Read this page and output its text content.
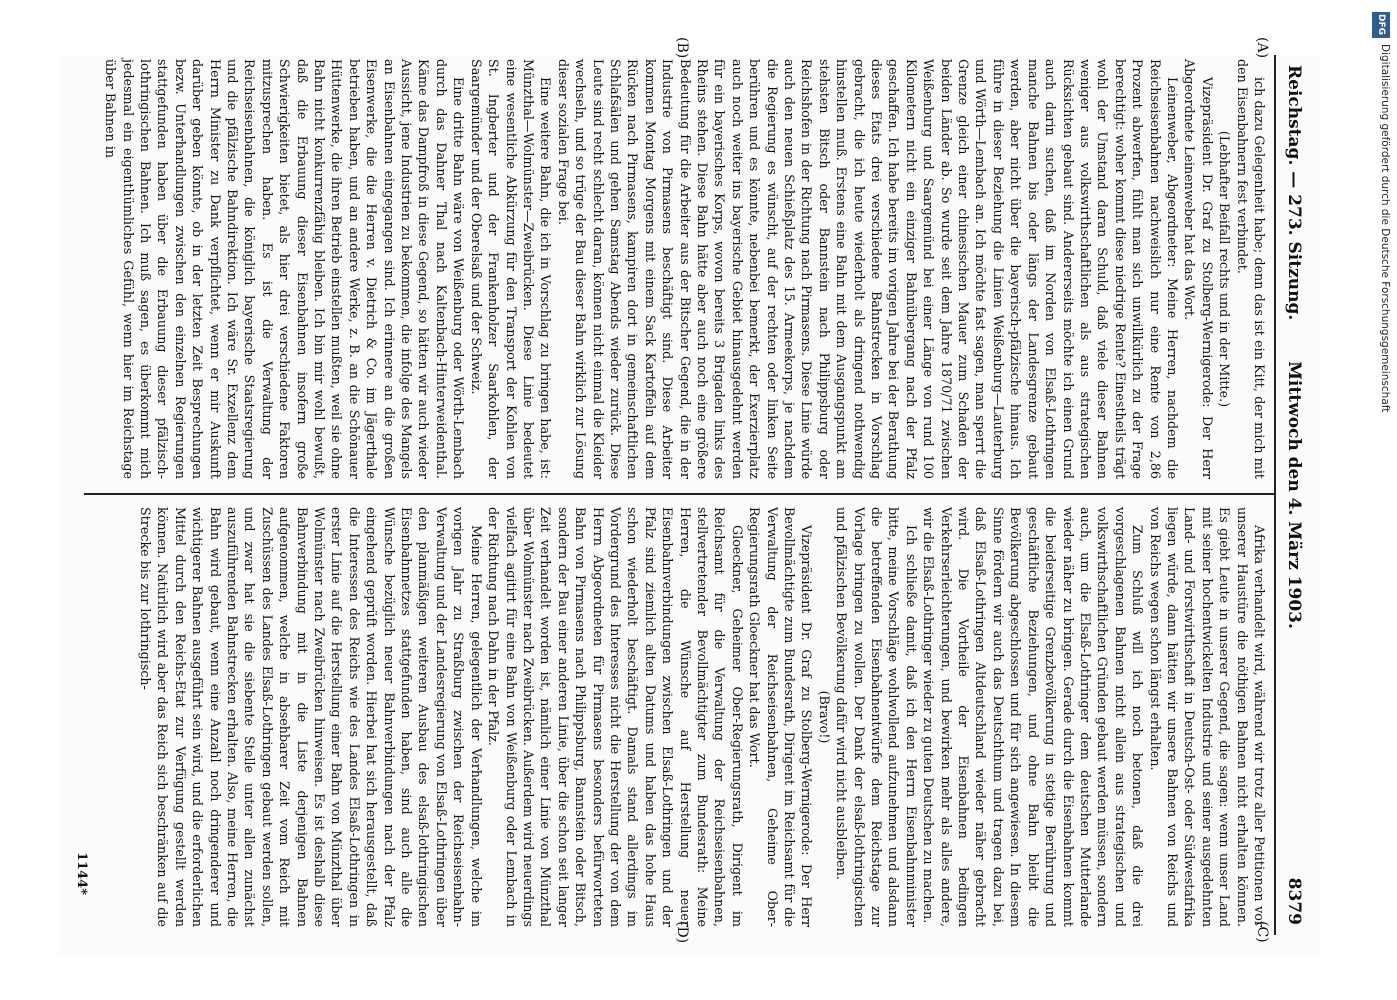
Reichstag. — 273. Sitzung.
Mittwoch den 4. März 1903.
8379

ich dazu Gelegenheit habe; denn das ist ein Kitt, der mich mit den Eisenbahnern fest verbindet.

(Lebhafter Beifall rechts und in der Mitte.)

Vizepräsident Dr. Graf zu Stolberg-Wernigerode: Der Herr Abgeordnete Leinenweber hat das Wort.

Leinenweber, Abgeordneter: Meine Herren, nachdem die Reichseisenbahnen nachweislich nur eine Rente von 2,86 Prozent abwerfen, fühlt man sich unwillkürlich zu der Frage berechtigt: woher kommt diese niedrige Rente? Einestheils trägt wohl der Umstand daran Schuld, daß viele dieser Bahnen weniger aus volkswirthschaftlichen als aus strategischen Rücksichten gebaut sind. Andererseits möchte ich einen Grund auch darin suchen, daß im Norden von Elsaß-Lothringen manche Bahnen bis oder längs der Landesgrenze gebaut werden, aber nicht über die bayerisch-pfälzische hinaus. Ich führe in dieser Beziehung die Linien Weißenburg—Lauterburg und Wörth—Lembach an. Ich möchte fast sagen, man sperrt die Grenze gleich einer chinesischen Mauer zum Schaden der beiden Länder ab. So wurde seit dem Jahre 1870/71 zwischen Weißenburg und Saargemünd bei einer Länge von rund 100 Kilometern nicht ein einziger Bahnübergang nach der Pfalz geschaffen. Ich habe bereits im vorigen Jahre bei der Berathung dieses Etats drei verschiedene Bahnstrecken in Vorschlag gebracht, die ich heute wiederholt als dringend nothwendig hinstellen muß. Erstens eine Bahn mit dem Ausgangspunkt am stehsten Bitsch oder Bannstein nach Philippsburg oder Reichshofen in der Richtung nach Pirmasens. Diese Linie würde auch den neuen Schießplatz des 15. Armeekorps, je nachdem die Regierung es wünscht, auf der rechten oder linken Seite berühren und es könnte, nebenbei bemerkt, der Exerzierplatz auch noch weiter ins bayerische Gebiet hinausgedehnt werden für ein bayerisches Korps, wovon bereits 3 Brigaden links des Rheins stehen. Diese Bahn hätte aber auch noch eine größere Bedeutung für die Arbeiter aus der Bitscher Gegend, die in der Industrie von Pirmasens beschäftigt sind. Diese Arbeiter kommen Montag Morgens mit einem Sack Kartoffeln auf dem Rücken nach Pirmasens, kampiren dort in gemeinschaftlichen Schlafsälen und gehen Samstag Abends wieder zurück. Diese Leute sind recht schlecht daran, können nicht einmal die Kleider wechseln, und so trüge der Bau dieser Bahn wirklich zur Lösung dieser sozialen Frage bei.

Eine weitere Bahn, die ich in Vorschlag zu bringen habe, ist: Münzthal—Wolmünster—Zweibrücken. Diese Linie bedeutet eine wesentliche Abkürzung für den Transport der Kohlen von St. Ingberter und der Frankenholzer Saarkohlen, der Saargemünder und der Oberelsaß und der Schweiz.

Eine dritte Bahn wäre von Weißenburg oder Wörth-Lembach durch das Dahner Thal nach Kaltenbach-Hinterweidenthal. Käme das Dampfroß in diese Gegend, so hätten wir auch wieder Aussicht, jene Industrien zu bekommen, die infolge des Mangels an Eisenbahnen eingegangen sind. Ich erinnere an die großen Eisenwerke, die die Herren v. Dietrich & Co. im Jägerthale betrieben haben, und an andere Werke, z. B. an die Schönauer Hüttenwerke, die ihren Betrieb einstellen mußten, weil sie ohne Bahn nicht konkurrenzfähig bleiben. Ich bin mir wohl bewußt, daß die Erbauung dieser Eisenbahnen insofern große Schwierigkeiten bietet, als hier drei verschiedene Faktoren mitzusprechen haben. Es ist die Verwaltung der Reichseisenbahnen, die königlich bayerische Staatsregierung und die pfälzische Bahndirektion. Ich wäre Sr. Exzellenz dem Herrn Minister zu Dank verpflichtet, wenn er mir Auskunft darüber geben könnte, ob in der letzten Zeit Besprechungen bezw. Unterhandlungen zwischen den einzelnen Regierungen stattgefunden haben über die Erbauung dieser pfälzisch-lothringischen Bahnen. Ich muß sagen, es überkommt mich jedesmal ein eigenthümliches Gefühl, wenn hier im Reichstage über Bahnen in

Afrika verhandelt wird, während wir trotz aller Petitionen vor unserer Haustüre die nöthigen Bahnen nicht erhalten können. Es giebt Leute in unserer Gegend, die sagen: wenn unser Land mit seiner hochentwickelten Industrie und seiner ausgedehnten Land- und Forstwirthschaft in Deutsch-Ost- oder Südwestafrika liegen würde, dann hätten wir unsere Bahnen von Reichs und von Reichs wegen schon längst erhalten.

Zum Schluß will ich noch betonen, daß die drei vorgeschlagenen Bahnen nicht allein aus strategischen und volkswirthschaftlichen Gründen gebaut werden müssen, sondern auch, um die Elsaß-Lothringer dem deutschen Mutterlande wieder näher zu bringen. Gerade durch die Eisenbahnen kommt die beiderseitige Grenzbevölkerung in stetige Berührung und geschäftliche Beziehungen, und ohne Bahn bleibt die Bevölkerung abgeschlossen und für sich angewiesen. In diesem Sinne fördern wir auch das Deutschthum und tragen dazu bei, daß Elsaß-Lothringen Altdeutschland wieder näher gebracht wird. Die Vortheile der Eisenbahnen bedingen Verkehrserleichterungen, und bewirken mehr als alles andere, wir die Elsaß-Lothringer wieder zu guten Deutschen zu machen.

Ich schließe damit, daß ich den Herrn Eisenbahnminister bitte, meine Vorschläge wohlwollend aufzunehmen und alsdann die betreffenden Eisenbahnentwürfe dem Reichstage zur Vorlage bringen zu wollen. Der Dank der elsaß-lothringischen und pfälzischen Bevölkerung dafür wird nicht ausbleiben.

(Bravo!)

Vizepräsident Dr. Graf zu Stolberg-Wernigerode: Der Herr Bevollmächtigte zum Bundesrath, Dirigent im Reichsamt für die Verwaltung der Reichseisenbahnen, Geheime Ober-Regierungsrath Gloeckner hat das Wort.

Gloeckner, Geheimer Ober-Regierungsrath, Dirigent im Reichsamt für die Verwaltung der Reichseisenbahnen, stellvertretender Bevollmächtigter zum Bundesrath: Meine Herren, die Wünsche auf Herstellung neuer Eisenbahnverbindungen zwischen Elsaß-Lothringen und der Pfalz sind ziemlich alten Datums und haben das hohe Haus schon wiederholt beschäftigt. Damals stand allerdings im Vordergrund des Interesses nicht die Herstellung der von dem Herrn Abgeordneten für Pirmasens besonders befürworteten Bahn von Pirmasens nach Philippsburg, Bannstein oder Bitsch, sondern der Bau einer anderen Linie, über die schon seit langer Zeit verhandelt worden ist, nämlich einer Linie von Münzthal über Wolmünster nach Zweibrücken. Außerdem wird neuerdings vielfach agitirt für eine Bahn von Weißenburg oder Lembach in der Richtung nach Dahn in der Pfalz.

Meine Herren, gelegentlich der Verhandlungen, welche im vorigen Jahr zu Straßburg zwischen der Reichseisenbahn-Verwaltung und der Landesregierung von Elsaß-Lothringen über den planmäßigen weiteren Ausbau des elsaß-lothringischen Eisenbahnnetzes stattgefunden haben, sind auch alle die Wünsche bezüglich neuer Bahnverbindungen nach der Pfalz eingehend geprüft worden. Hierbei hat sich herausgestellt, daß die Interessen des Reichs wie des Landes Elsaß-Lothringen in erster Linie auf die Herstellung einer Bahn von Münzthal über Wolmünster nach Zweibrücken hinweisen. Es ist deshalb diese Bahnverbindung mit in die Liste derjenigen Bahnen aufgenommen, welche in absehbarer Zeit vom Reich mit Zuschüssen des Landes Elsaß-Lothringen gebaut werden sollen, und zwar hat sie die siebente Stelle unter allen zunächst auszuführenden Bahnstrecken erhalten. Also, meine Herren, die Bahn wird gebaut, wenn eine Anzahl noch dringenderer und wichtigerer Bahnen ausgeführt sein wird, und die erforderlichen Mittel durch den Reichs-Etat zur Verfügung gestellt werden können. Natürlich wird aber das Reich sich beschränken auf die Strecke bis zur lothringisch-

(A)
(B)
(C)
(D)
1144*
DFG
Digitalisierung gefördert durch die Deutsche Forschungsgemeinschaft
